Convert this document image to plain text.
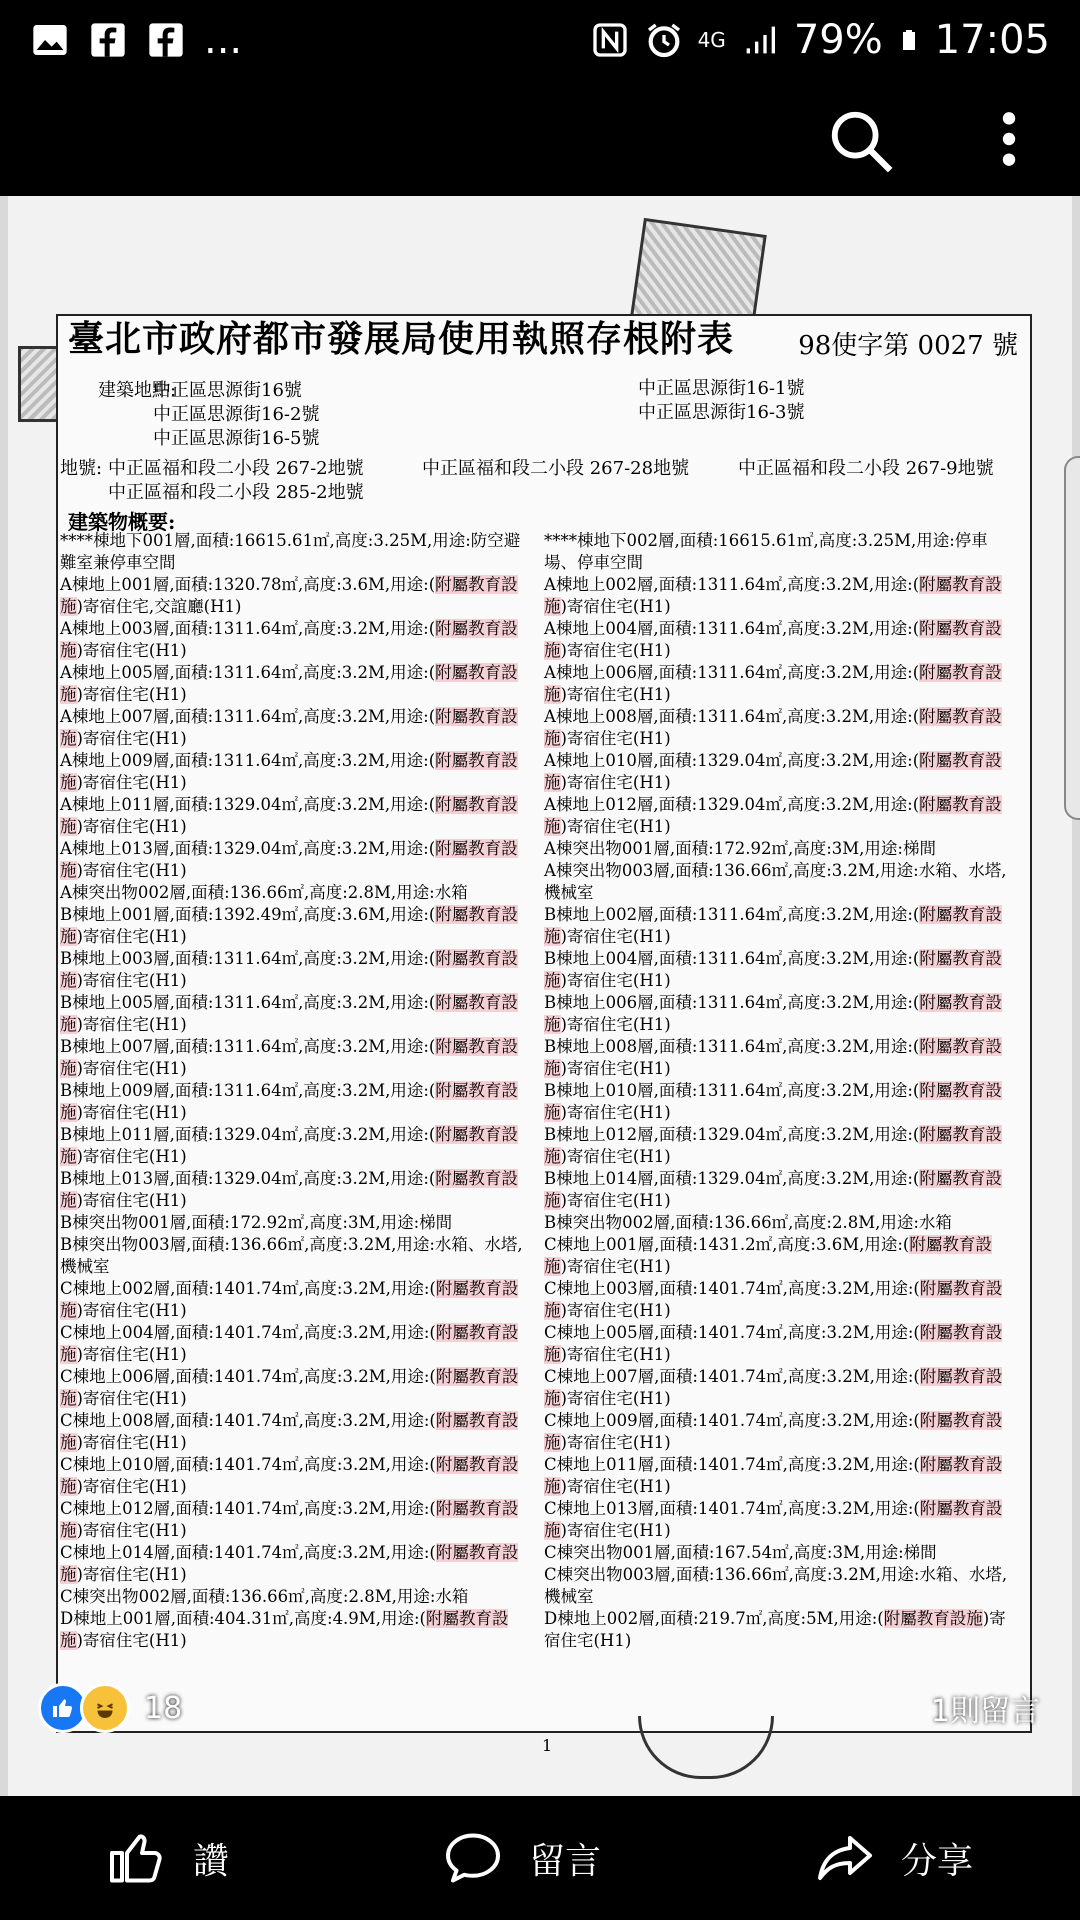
...	4G 79% 17:05
臺北市政府都市發展局使用執照存根附表 98使字第 0027 號
建築地點:
中正區思源街16號
中正區思源街16-2號
中正區思源街16-5號
中正區思源街16-1號
中正區思源街16-3號
地號: 中正區福和段二小段 267-2地號	中正區福和段二小段 267-28地號	中正區福和段二小段 267-9地號
中正區福和段二小段 285-2地號
建築物概要:
****棟地下001層,面積:16615.61㎡,高度:3.25M,用途:防空避難室兼停車空間
A棟地上001層,面積:1320.78㎡,高度:3.6M,用途:(附屬教育設施)寄宿住宅,交誼廳(H1)
A棟地上003層,面積:1311.64㎡,高度:3.2M,用途:(附屬教育設施)寄宿住宅(H1)
A棟地上005層,面積:1311.64㎡,高度:3.2M,用途:(附屬教育設施)寄宿住宅(H1)
A棟地上007層,面積:1311.64㎡,高度:3.2M,用途:(附屬教育設施)寄宿住宅(H1)
A棟地上009層,面積:1311.64㎡,高度:3.2M,用途:(附屬教育設施)寄宿住宅(H1)
A棟地上011層,面積:1329.04㎡,高度:3.2M,用途:(附屬教育設施)寄宿住宅(H1)
A棟地上013層,面積:1329.04㎡,高度:3.2M,用途:(附屬教育設施)寄宿住宅(H1)
A棟突出物002層,面積:136.66㎡,高度:2.8M,用途:水箱
B棟地上001層,面積:1392.49㎡,高度:3.6M,用途:(附屬教育設施)寄宿住宅(H1)
B棟地上003層,面積:1311.64㎡,高度:3.2M,用途:(附屬教育設施)寄宿住宅(H1)
B棟地上005層,面積:1311.64㎡,高度:3.2M,用途:(附屬教育設施)寄宿住宅(H1)
B棟地上007層,面積:1311.64㎡,高度:3.2M,用途:(附屬教育設施)寄宿住宅(H1)
B棟地上009層,面積:1311.64㎡,高度:3.2M,用途:(附屬教育設施)寄宿住宅(H1)
B棟地上011層,面積:1329.04㎡,高度:3.2M,用途:(附屬教育設施)寄宿住宅(H1)
B棟地上013層,面積:1329.04㎡,高度:3.2M,用途:(附屬教育設施)寄宿住宅(H1)
B棟突出物001層,面積:172.92㎡,高度:3M,用途:梯間
B棟突出物003層,面積:136.66㎡,高度:3.2M,用途:水箱、水塔,機械室
C棟地上002層,面積:1401.74㎡,高度:3.2M,用途:(附屬教育設施)寄宿住宅(H1)
C棟地上004層,面積:1401.74㎡,高度:3.2M,用途:(附屬教育設施)寄宿住宅(H1)
C棟地上006層,面積:1401.74㎡,高度:3.2M,用途:(附屬教育設施)寄宿住宅(H1)
C棟地上008層,面積:1401.74㎡,高度:3.2M,用途:(附屬教育設施)寄宿住宅(H1)
C棟地上010層,面積:1401.74㎡,高度:3.2M,用途:(附屬教育設施)寄宿住宅(H1)
C棟地上012層,面積:1401.74㎡,高度:3.2M,用途:(附屬教育設施)寄宿住宅(H1)
C棟地上014層,面積:1401.74㎡,高度:3.2M,用途:(附屬教育設施)寄宿住宅(H1)
C棟突出物002層,面積:136.66㎡,高度:2.8M,用途:水箱
D棟地上001層,面積:404.31㎡,高度:4.9M,用途:(附屬教育設施)寄宿住宅(H1)
****棟地下002層,面積:16615.61㎡,高度:3.25M,用途:停車場、停車空間
A棟地上002層,面積:1311.64㎡,高度:3.2M,用途:(附屬教育設施)寄宿住宅(H1)
A棟地上004層,面積:1311.64㎡,高度:3.2M,用途:(附屬教育設施)寄宿住宅(H1)
A棟地上006層,面積:1311.64㎡,高度:3.2M,用途:(附屬教育設施)寄宿住宅(H1)
A棟地上008層,面積:1311.64㎡,高度:3.2M,用途:(附屬教育設施)寄宿住宅(H1)
A棟地上010層,面積:1329.04㎡,高度:3.2M,用途:(附屬教育設施)寄宿住宅(H1)
A棟地上012層,面積:1329.04㎡,高度:3.2M,用途:(附屬教育設施)寄宿住宅(H1)
A棟突出物001層,面積:172.92㎡,高度:3M,用途:梯間
A棟突出物003層,面積:136.66㎡,高度:3.2M,用途:水箱、水塔,機械室
B棟地上002層,面積:1311.64㎡,高度:3.2M,用途:(附屬教育設施)寄宿住宅(H1)
B棟地上004層,面積:1311.64㎡,高度:3.2M,用途:(附屬教育設施)寄宿住宅(H1)
B棟地上006層,面積:1311.64㎡,高度:3.2M,用途:(附屬教育設施)寄宿住宅(H1)
B棟地上008層,面積:1311.64㎡,高度:3.2M,用途:(附屬教育設施)寄宿住宅(H1)
B棟地上010層,面積:1311.64㎡,高度:3.2M,用途:(附屬教育設施)寄宿住宅(H1)
B棟地上012層,面積:1329.04㎡,高度:3.2M,用途:(附屬教育設施)寄宿住宅(H1)
B棟地上014層,面積:1329.04㎡,高度:3.2M,用途:(附屬教育設施)寄宿住宅(H1)
B棟突出物002層,面積:136.66㎡,高度:2.8M,用途:水箱
C棟地上001層,面積:1431.2㎡,高度:3.6M,用途:(附屬教育設施)寄宿住宅(H1)
C棟地上003層,面積:1401.74㎡,高度:3.2M,用途:(附屬教育設施)寄宿住宅(H1)
C棟地上005層,面積:1401.74㎡,高度:3.2M,用途:(附屬教育設施)寄宿住宅(H1)
C棟地上007層,面積:1401.74㎡,高度:3.2M,用途:(附屬教育設施)寄宿住宅(H1)
C棟地上009層,面積:1401.74㎡,高度:3.2M,用途:(附屬教育設施)寄宿住宅(H1)
C棟地上011層,面積:1401.74㎡,高度:3.2M,用途:(附屬教育設施)寄宿住宅(H1)
C棟地上013層,面積:1401.74㎡,高度:3.2M,用途:(附屬教育設施)寄宿住宅(H1)
C棟突出物001層,面積:167.54㎡,高度:3M,用途:梯間
C棟突出物003層,面積:136.66㎡,高度:3.2M,用途:水箱、水塔,機械室
D棟地上002層,面積:219.7㎡,高度:5M,用途:(附屬教育設施)寄宿住宅(H1)
1
18	1則留言
讚	留言	分享
